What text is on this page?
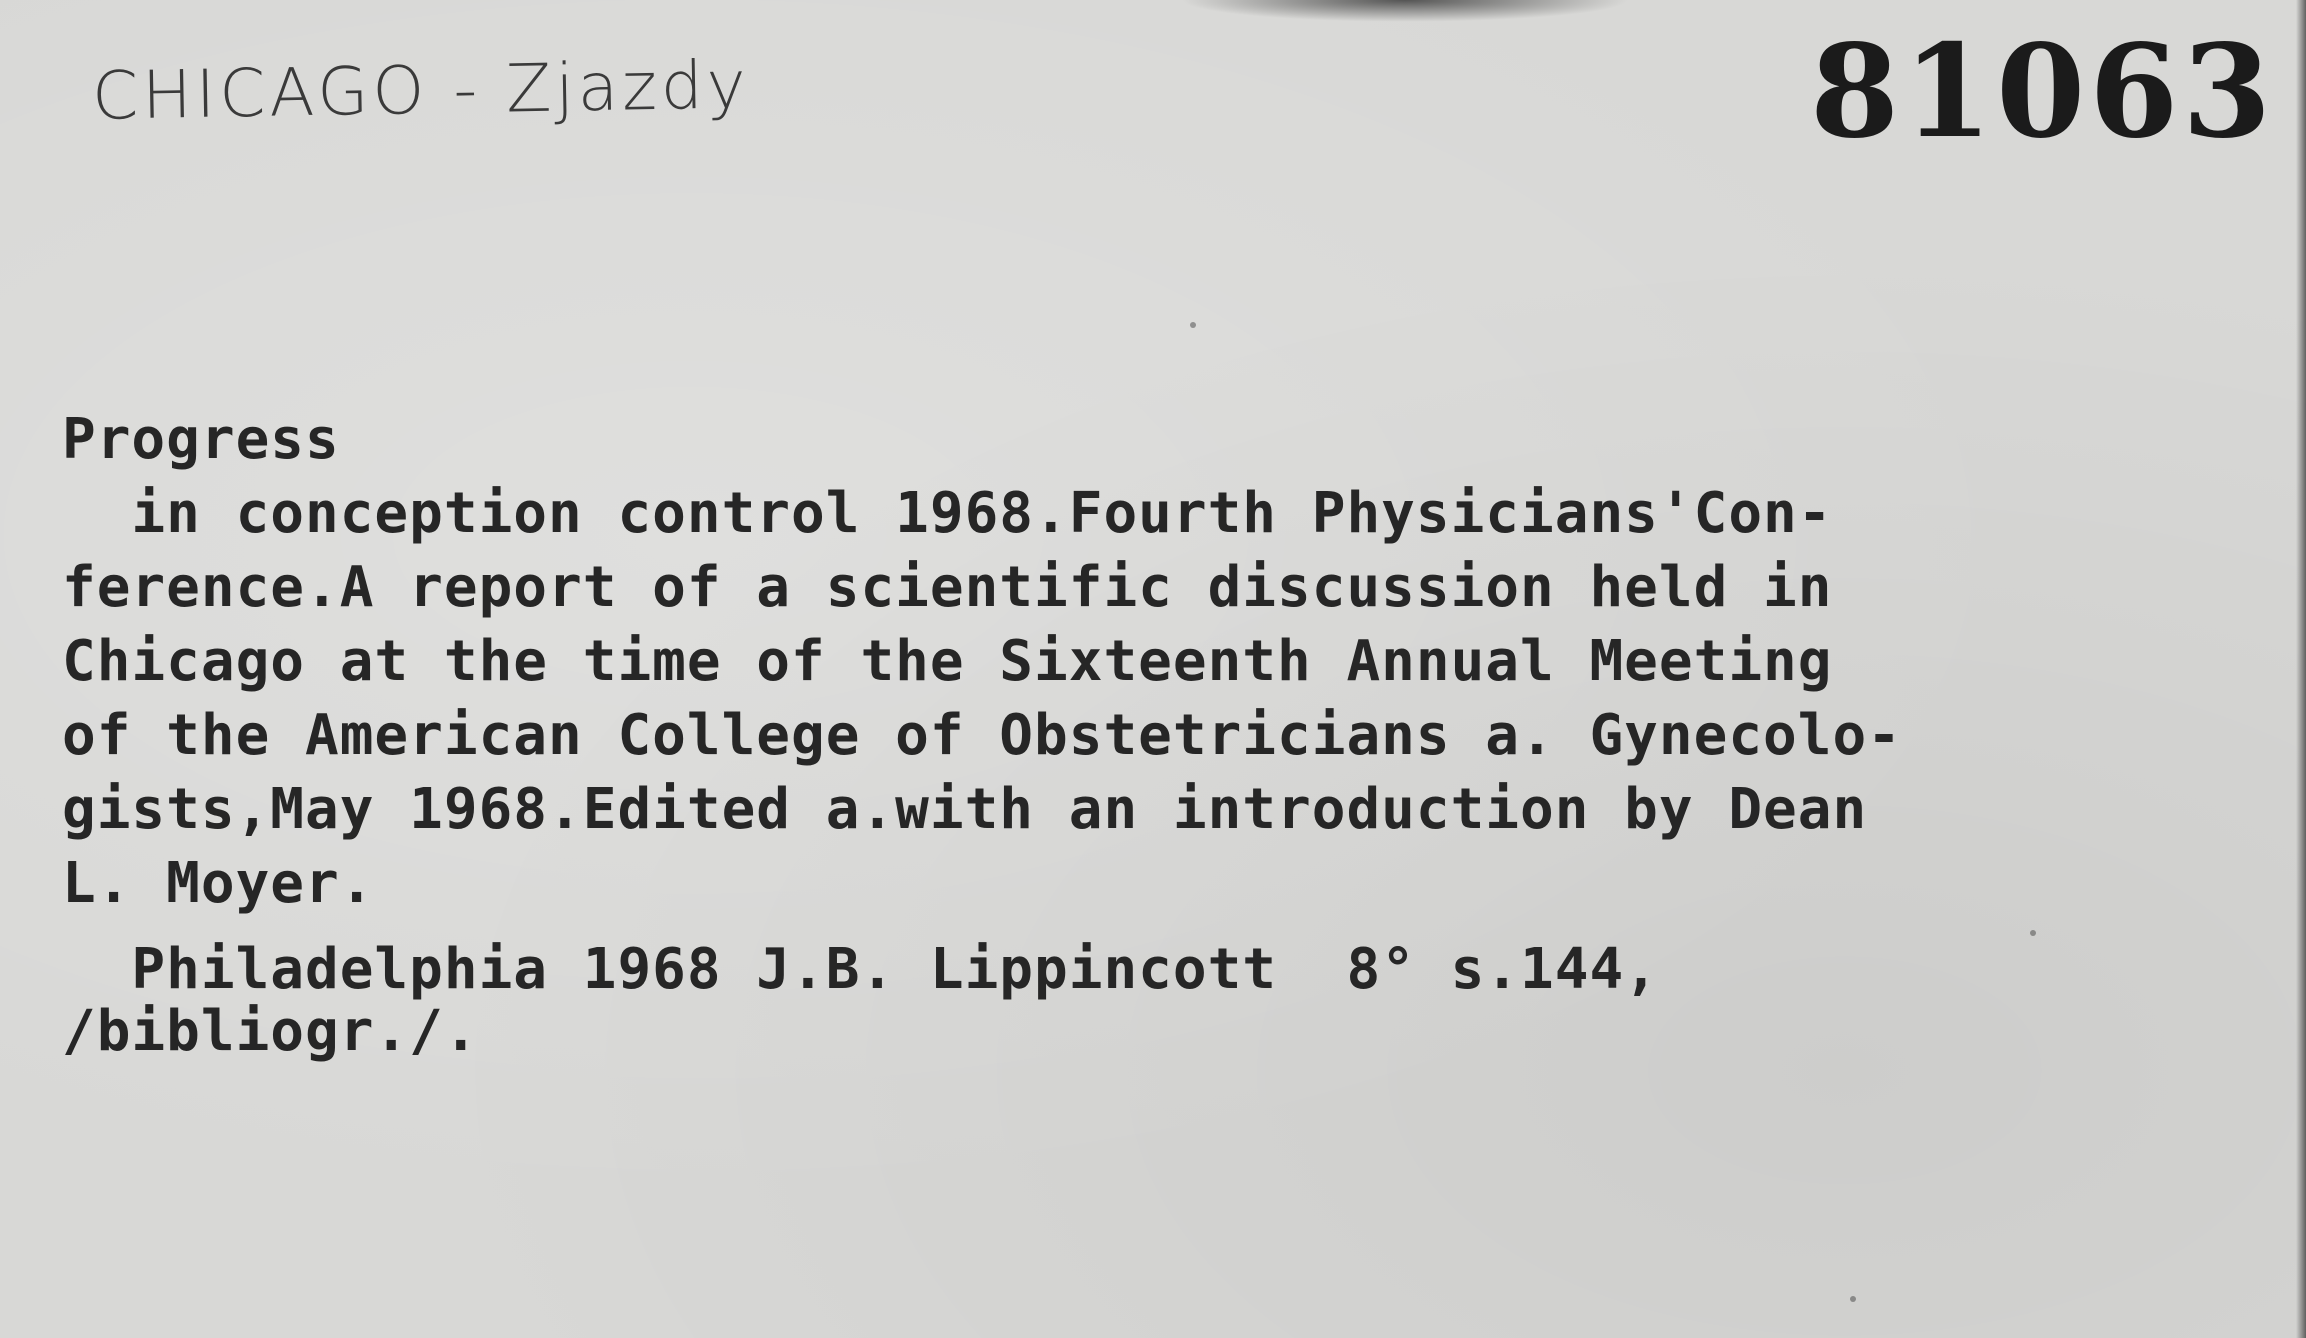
CHICAGO - Zjazdy	81063
Progress
in conception control 1968.Fourth Physicians'Con-
ference.A report of a scientific discussion held in
Chicago at the time of the Sixteenth Annual Meeting
of the American College of Obstetricians a. Gynecolo-
gists,May 1968.Edited a.with an introduction by Dean
L. Moyer.
Philadelphia 1968 J.B. Lippincott  8° s.144,
/bibliogr./.
